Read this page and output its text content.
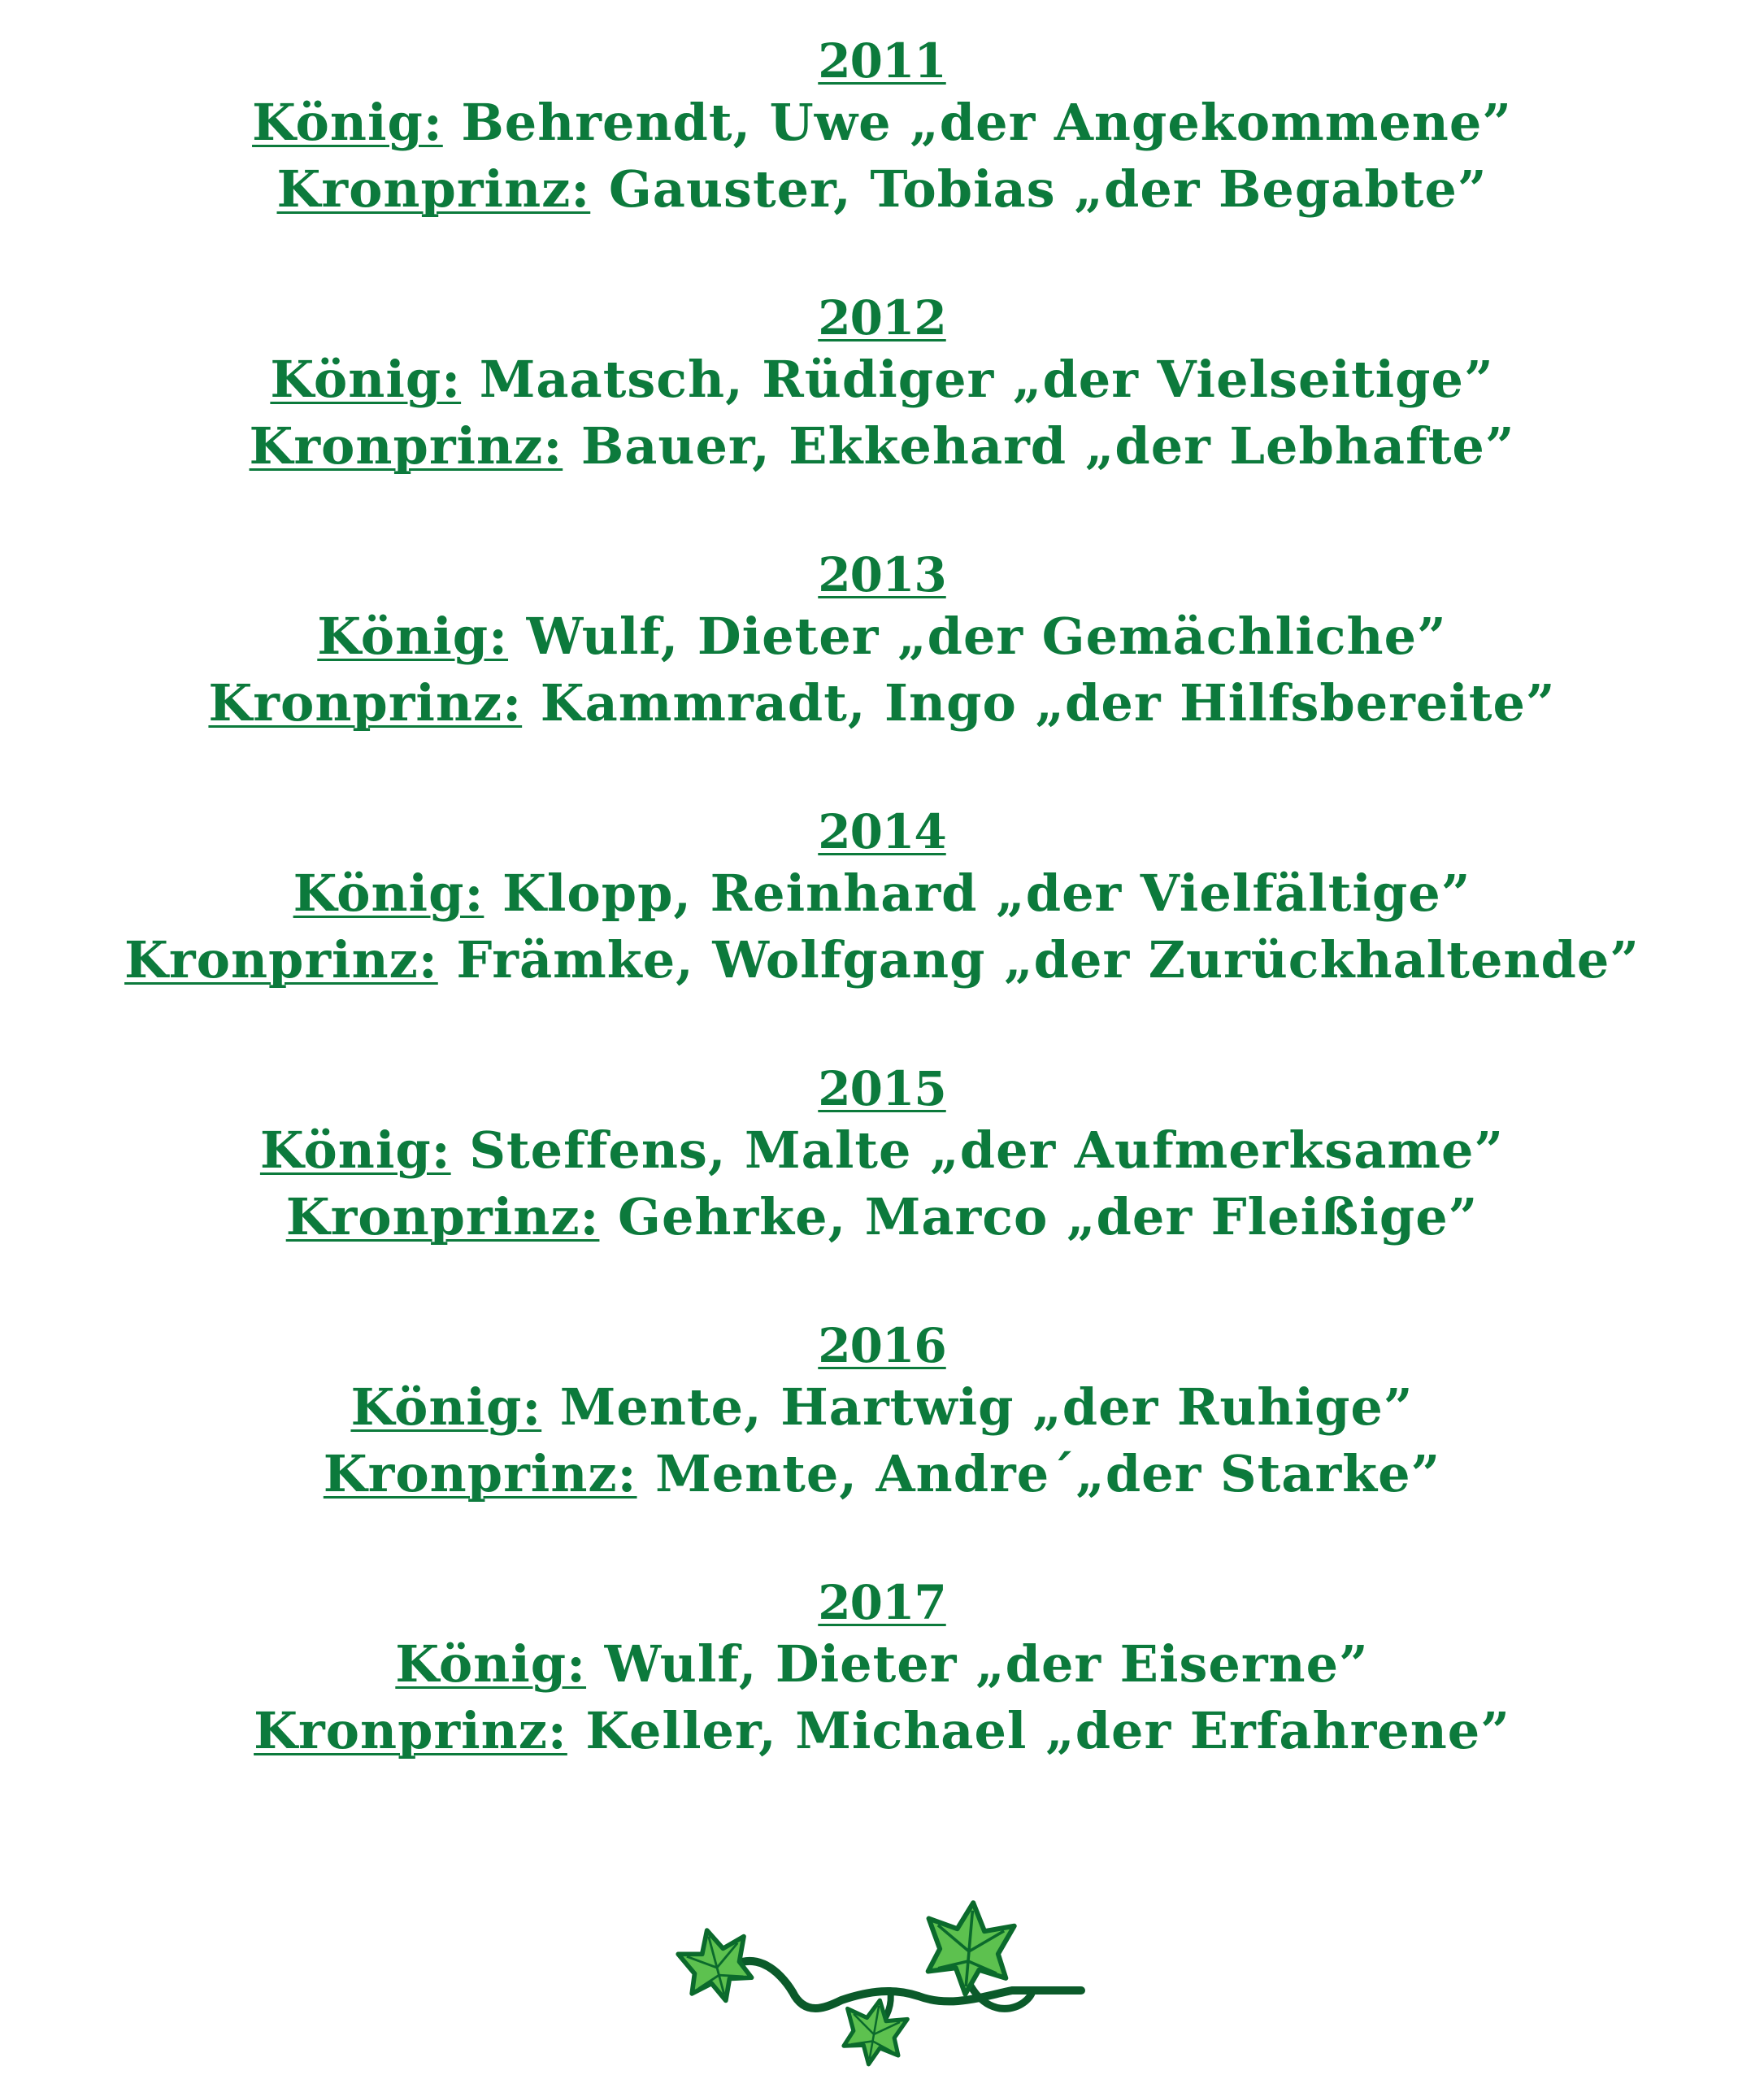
2011
König: Behrendt, Uwe „der Angekommene”
Kronprinz: Gauster, Tobias „der Begabte”
2012
König: Maatsch, Rüdiger „der Vielseitige”
Kronprinz: Bauer, Ekkehard „der Lebhafte”
2013
König: Wulf, Dieter „der Gemächliche”
Kronprinz: Kammradt, Ingo „der Hilfsbereite”
2014
König: Klopp, Reinhard „der Vielfältige”
Kronprinz: Främke, Wolfgang „der Zurückhaltende”
2015
König: Steffens, Malte „der Aufmerksame”
Kronprinz: Gehrke, Marco „der Fleißige”
2016
König: Mente, Hartwig „der Ruhige”
Kronprinz: Mente, Andre´„der Starke”
2017
König: Wulf, Dieter „der Eiserne”
Kronprinz: Keller, Michael „der Erfahrene”
